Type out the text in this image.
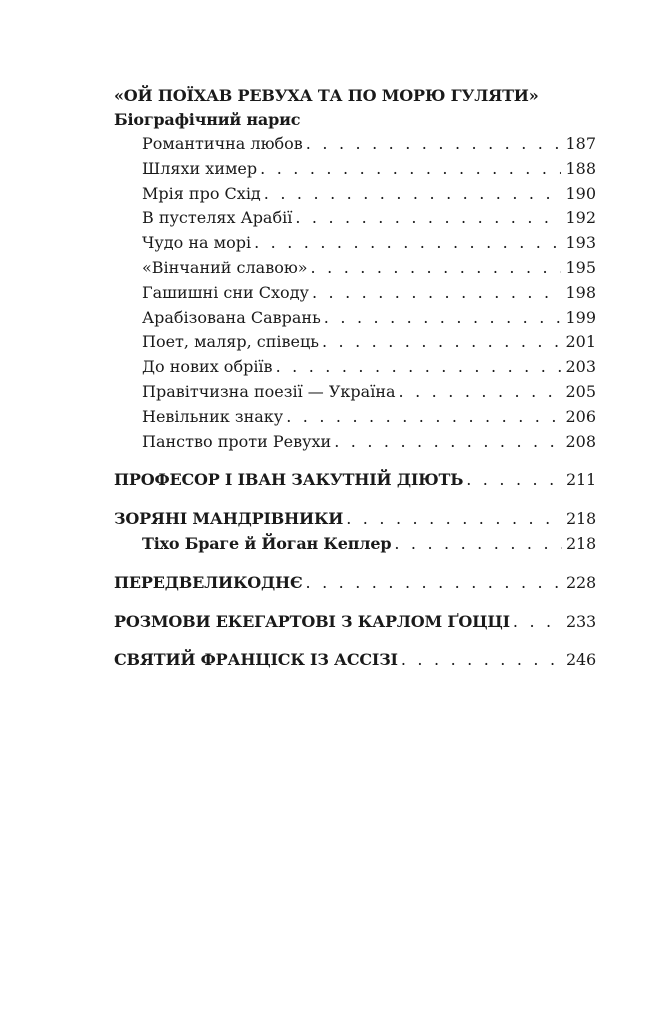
«ОЙ ПОЇХАВ РЕВУХА ТА ПО МОРЮ ГУЛЯТИ»
Біографічний нарис
Романтична любов . . .	187
Шляхи химер . . .	188
Мрія про Схід . . .	190
В пустелях Арабії . . .	192
Чудо на морі . . .	193
«Вінчаний славою» . . .	195
Гашишні сни Сходу . . .	198
Арабізована Саврань . . .	199
Поет, маляр, співець . . .	201
До нових обріїв . . .	203
Правітчизна поезії — Україна . . .	205
Невільник знаку . . .	206
Панство проти Ревухи . . .	208
ПРОФЕСОР І ІВАН ЗАКУТНІЙ ДІЮТЬ . . .	211
ЗОРЯНІ МАНДРІВНИКИ . . .	218
Тіхо Браге й Йоган Кеплер . . .	218
ПЕРЕДВЕЛИКОДНЄ . . .	228
РОЗМОВИ ЕКЕГАРТОВІ З КАРЛОМ ҐОЦЦІ . . .	233
СВЯТИЙ ФРАНЦІСК ІЗ АССІЗІ . . .	246
